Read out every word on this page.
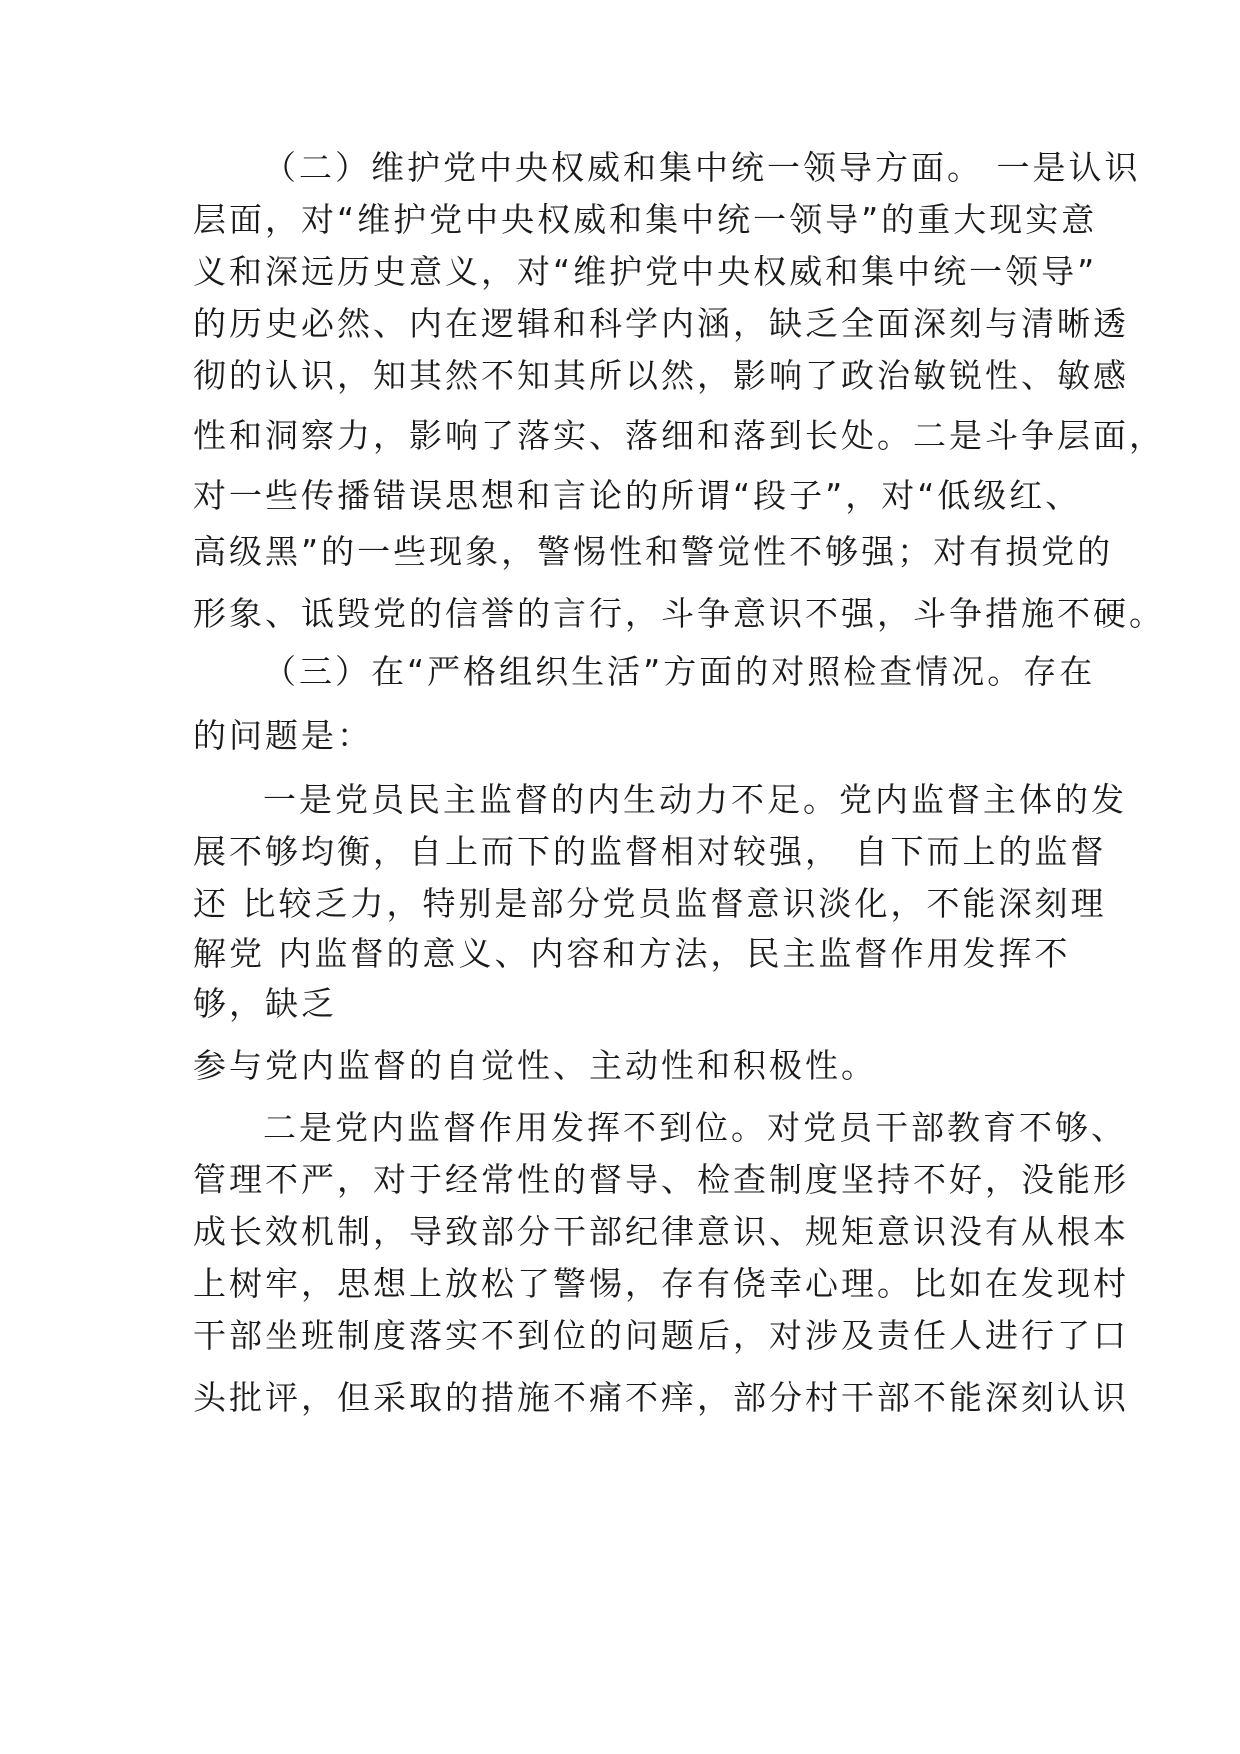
（二）维护党中央权威和集中统一领导方面。 一是认识
层面，对“维护党中央权威和集中统一领导”的重大现实意
义和深远历史意义，对“维护党中央权威和集中统一领导”
的历史必然、内在逻辑和科学内涵，缺乏全面深刻与清晰透
彻的认识，知其然不知其所以然，影响了政治敏锐性、敏感
性和洞察力，影响了落实、落细和落到长处。二是斗争层面，
对一些传播错误思想和言论的所谓“段子”，对“低级红、
高级黑”的一些现象，警惕性和警觉性不够强；对有损党的
形象、诋毁党的信誉的言行，斗争意识不强，斗争措施不硬。
（三）在“严格组织生活”方面的对照检查情况。存在
的问题是：
一是党员民主监督的内生动力不足。党内监督主体的发
展不够均衡，自上而下的监督相对较强， 自下而上的监督
还 比较乏力，特别是部分党员监督意识淡化，不能深刻理
解党 内监督的意义、内容和方法，民主监督作用发挥不
够，缺乏
参与党内监督的自觉性、主动性和积极性。
二是党内监督作用发挥不到位。对党员干部教育不够、
管理不严，对于经常性的督导、检查制度坚持不好，没能形
成长效机制，导致部分干部纪律意识、规矩意识没有从根本
上树牢，思想上放松了警惕，存有侥幸心理。比如在发现村
干部坐班制度落实不到位的问题后，对涉及责任人进行了口
头批评，但采取的措施不痛不痒，部分村干部不能深刻认识
